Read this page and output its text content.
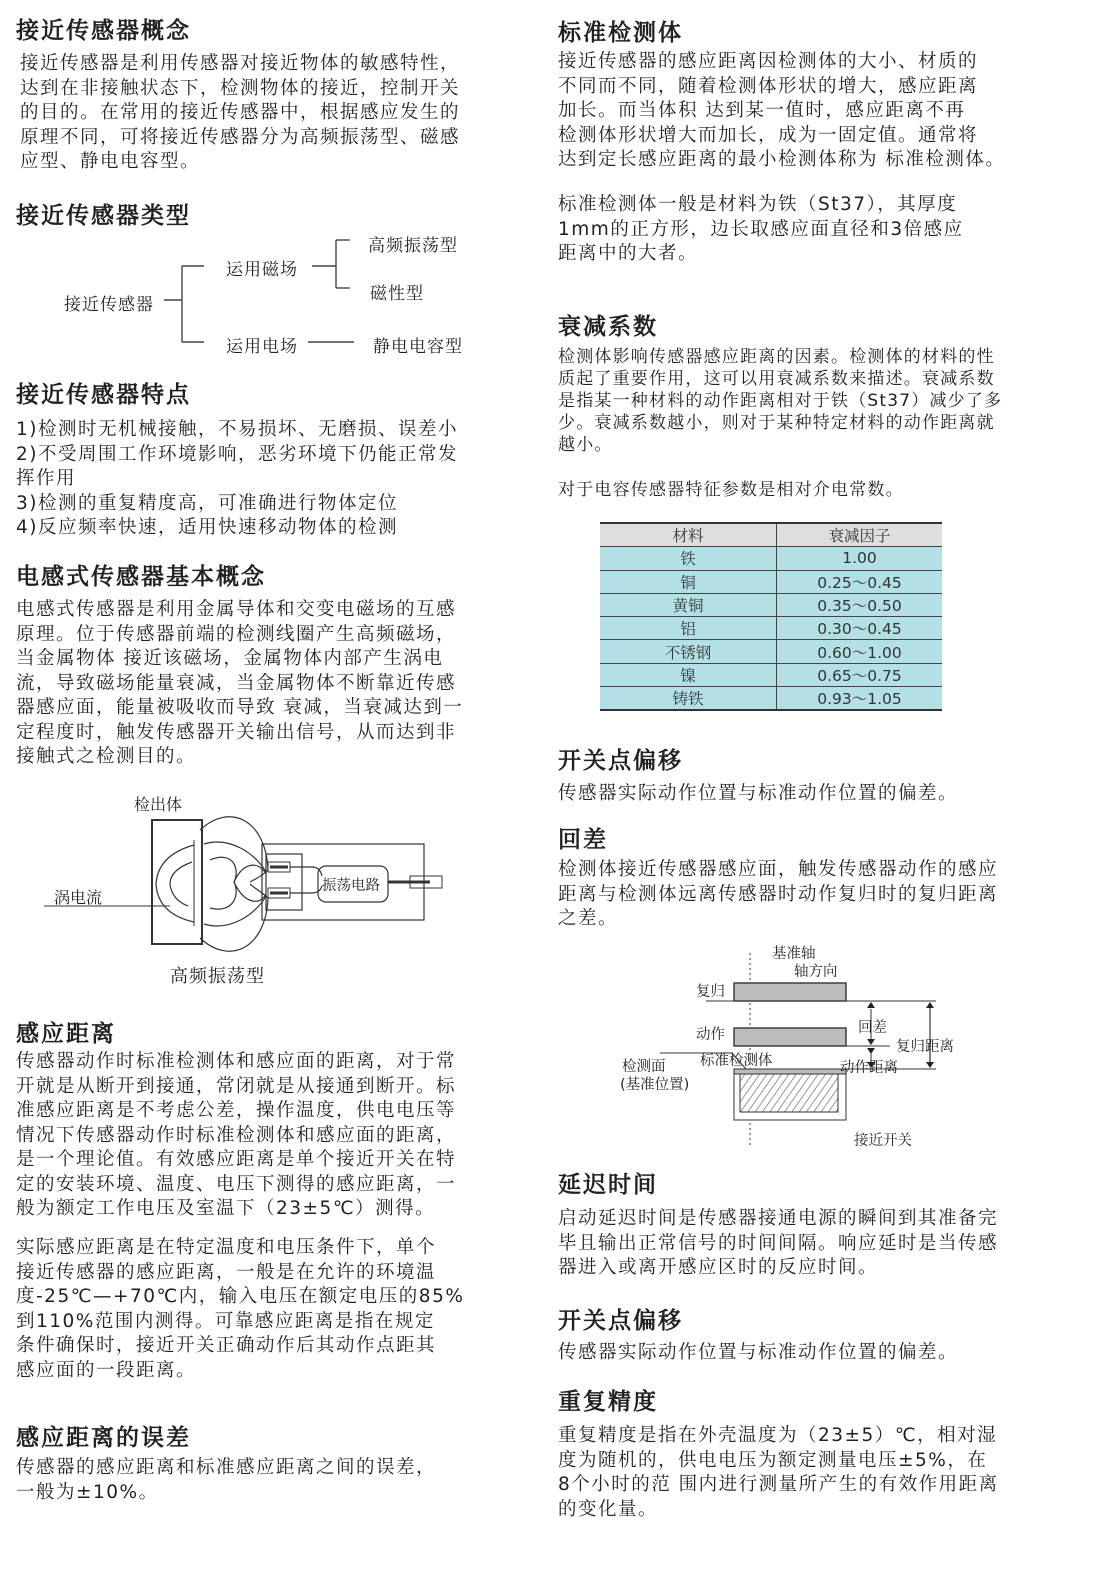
接近传感器概念

接近传感器是利用传感器对接近物体的敏感特性，
达到在非接触状态下，检测物体的接近，控制开关
的目的。在常用的接近传感器中，根据感应发生的
原理不同，可将接近传感器分为高频振荡型、磁感
应型、静电电容型。

接近传感器类型
接近传感器
运用磁场
高频振荡型
磁性型
运用电场	静电电容型
接近传感器特点

1)检测时无机械接触，不易损坏、无磨损、误差小

2)不受周围工作环境影响，恶劣环境下仍能正常发
挥作用

3)检测的重复精度高，可准确进行物体定位

4)反应频率快速，适用快速移动物体的检测

电感式传感器基本概念

电感式传感器是利用金属导体和交变电磁场的互感
原理。位于传感器前端的检测线圈产生高频磁场，
当金属物体 接近该磁场，金属物体内部产生涡电
流，导致磁场能量衰减，当金属物体不断靠近传感
器感应面，能量被吸收而导致 衰减，当衰减达到一
定程度时，触发传感器开关输出信号，从而达到非
接触式之检测目的。

检出体
涡电流
振荡电路
高频振荡型
感应距离

传感器动作时标准检测体和感应面的距离，对于常
开就是从断开到接通，常闭就是从接通到断开。标
准感应距离是不考虑公差，操作温度，供电电压等
情况下传感器动作时标准检测体和感应面的距离，
是一个理论值。有效感应距离是单个接近开关在特
定的安装环境、温度、电压下测得的感应距离，一
般为额定工作电压及室温下（23±5℃）测得。

实际感应距离是在特定温度和电压条件下，单个
接近传感器的感应距离，一般是在允许的环境温
度-25℃—+70℃内，输入电压在额定电压的85%
到110%范围内测得。可靠感应距离是指在规定
条件确保时，接近开关正确动作后其动作点距其
感应面的一段距离。

感应距离的误差

传感器的感应距离和标准感应距离之间的误差，
一般为±10%。

标准检测体

接近传感器的感应距离因检测体的大小、材质的
不同而不同，随着检测体形状的增大，感应距离
加长。而当体积 达到某一值时，感应距离不再
检测体形状增大而加长，成为一固定值。通常将
达到定长感应距离的最小检测体称为 标准检测体。

标准检测体一般是材料为铁（St37），其厚度
1mm的正方形，边长取感应面直径和3倍感应
距离中的大者。

衰减系数

检测体影响传感器感应距离的因素。检测体的材料的性
质起了重要作用，这可以用衰减系数来描述。衰减系数
是指某一种材料的动作距离相对于铁（St37）减少了多
少。衰减系数越小，则对于某种特定材料的动作距离就
越小。

对于电容传感器特征参数是相对介电常数。

材料	衰减因子
铁	1.00
铜	0.25～0.45
黄铜	0.35～0.50
铝	0.30～0.45
不锈钢	0.60～1.00
镍	0.65～0.75
铸铁	0.93～1.05
开关点偏移

传感器实际动作位置与标准动作位置的偏差。

回差

检测体接近传感器感应面，触发传感器动作的感应
距离与检测体远离传感器时动作复归时的复归距离
之差。

基准轴
轴方向
复归
动作	回差
复归距离
标准检测体	动作距离
检测面
(基准位置)
接近开关
延迟时间

启动延迟时间是传感器接通电源的瞬间到其准备完
毕且输出正常信号的时间间隔。响应延时是当传感
器进入或离开感应区时的反应时间。

开关点偏移

传感器实际动作位置与标准动作位置的偏差。

重复精度

重复精度是指在外壳温度为（23±5）℃，相对湿
度为随机的，供电电压为额定测量电压±5%，在
8个小时的范 围内进行测量所产生的有效作用距离
的变化量。
